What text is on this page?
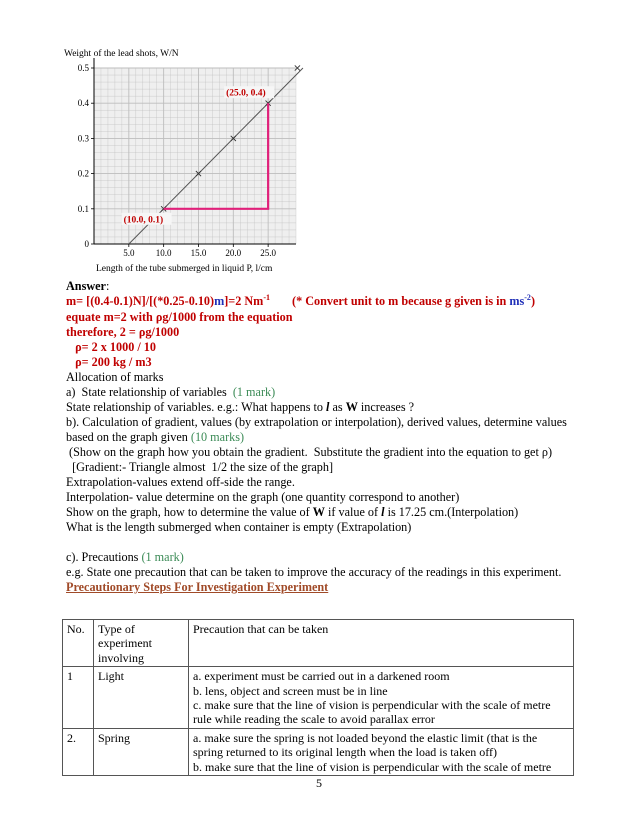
Weight of the lead shots, W/N
Length of the tube submerged in liquid P, l/cm
0
0.1
0.2
0.3
0.4
0.5
5.0 10.0 15.0 20.0 25.0
(10.0, 0.1)
(25.0, 0.4)
Answer:
m= [(0.4-0.1)N]/[(*0.25-0.10)m]=2 $Nm^{-1}$ (* Convert unit to m because g given is in $ms^{-2}$)
equate m=2 with ρg/1000 from the equation
therefore, 2 = ρg/1000
ρ= 2 x 1000 / 10
ρ= 200 kg / m3
Allocation of marks
a)  State relationship of variables  (1 mark)
State relationship of variables. e.g.: What happens to l as W increases ?
b). Calculation of gradient, values (by extrapolation or interpolation), derived values, determine values
based on the graph given (10 marks)
(Show on the graph how you obtain the gradient.  Substitute the gradient into the equation to get ρ)
[Gradient:- Triangle almost  1/2 the size of the graph]
Extrapolation-values extend off-side the range.
Interpolation- value determine on the graph (one quantity correspond to another)
Show on the graph, how to determine the value of W if value of l is 17.25 cm.(Interpolation)
What is the length submerged when container is empty (Extrapolation)
c). Precautions (1 mark)
e.g. State one precaution that can be taken to improve the accuracy of the readings in this experiment.
Precautionary Steps For Investigation Experiment
No.	Type of experiment involving	Precaution that can be taken
1	Light	a. experiment must be carried out in a darkened room
b. lens, object and screen must be in line
c. make sure that the line of vision is perpendicular with the scale of metre rule while reading the scale to avoid parallax error

2.	Spring	a. make sure the spring is not loaded beyond the elastic limit (that is the spring returned to its original length when the load is taken off)
b. make sure that the line of vision is perpendicular with the scale of metre
5
